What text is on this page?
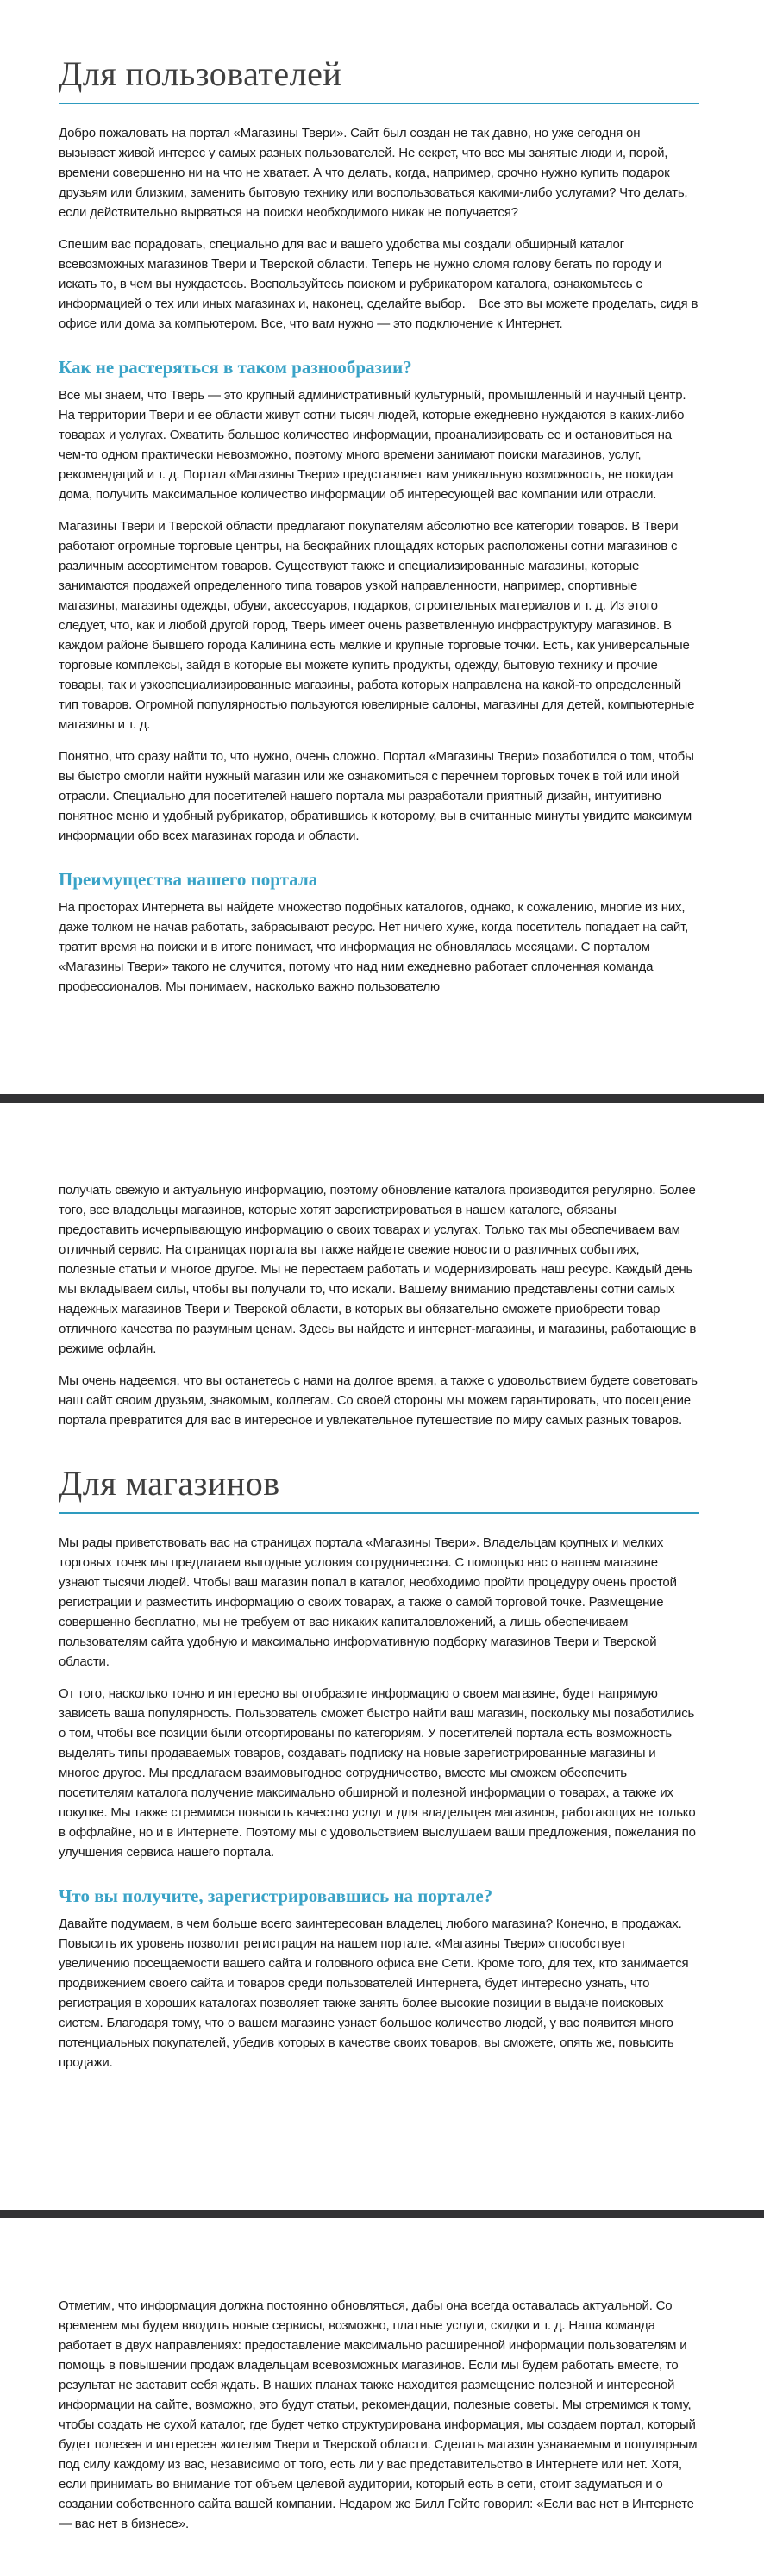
Для пользователей

Добро пожаловать на портал «Магазины Твери». Сайт был создан не так давно, но уже сегодня он вызывает живой интерес у самых разных пользователей. Не секрет, что все мы занятые люди и, порой, времени совершенно ни на что не хватает. А что делать, когда, например, срочно нужно купить подарок друзьям или близким, заменить бытовую технику или воспользоваться какими-либо услугами? Что делать, если действительно вырваться на поиски необходимого никак не получается?

Спешим вас порадовать, специально для вас и вашего удобства мы создали обширный каталог всевозможных магазинов Твери и Тверской области. Теперь не нужно сломя голову бегать по городу и искать то, в чем вы нуждаетесь. Воспользуйтесь поиском и рубрикатором каталога, ознакомьтесь с информацией о тех или иных магазинах и, наконец, сделайте выбор.    Все это вы можете проделать, сидя в офисе или дома за компьютером. Все, что вам нужно — это подключение к Интернет.

Как не растеряться в таком разнообразии?

Все мы знаем, что Тверь — это крупный административный культурный, промышленный и научный центр. На территории Твери и ее области живут сотни тысяч людей, которые ежедневно нуждаются в каких-либо товарах и услугах. Охватить большое количество информации, проанализировать ее и остановиться на чем-то одном практически невозможно, поэтому много времени занимают поиски магазинов, услуг, рекомендаций и т. д. Портал «Магазины Твери» представляет вам уникальную возможность, не покидая дома, получить максимальное количество информации об интересующей вас компании или отрасли.

Магазины Твери и Тверской области предлагают покупателям абсолютно все категории товаров. В Твери работают огромные торговые центры, на бескрайних площадях которых расположены сотни магазинов с различным ассортиментом товаров. Существуют также и специализированные магазины, которые занимаются продажей определенного типа товаров узкой направленности, например, спортивные магазины, магазины одежды, обуви, аксессуаров, подарков, строительных материалов и т. д. Из этого следует, что, как и любой другой город, Тверь имеет очень разветвленную инфраструктуру магазинов. В каждом районе бывшего города Калинина есть мелкие и крупные торговые точки. Есть, как универсальные торговые комплексы, зайдя в которые вы можете купить продукты, одежду, бытовую технику и прочие товары, так и узкоспециализированные магазины, работа которых направлена на какой-то определенный тип товаров. Огромной популярностью пользуются ювелирные салоны, магазины для детей, компьютерные магазины и т. д.

Понятно, что сразу найти то, что нужно, очень сложно. Портал «Магазины Твери» позаботился о том, чтобы вы быстро смогли найти нужный магазин или же ознакомиться с перечнем торговых точек в той или иной отрасли. Специально для посетителей нашего портала мы разработали приятный дизайн, интуитивно понятное меню и удобный рубрикатор, обратившись к которому, вы в считанные минуты увидите максимум информации обо всех магазинах города и области.

Преимущества нашего портала

На просторах Интернета вы найдете множество подобных каталогов, однако, к сожалению, многие из них, даже толком не начав работать, забрасывают ресурс. Нет ничего хуже, когда посетитель попадает на сайт, тратит время на поиски и в итоге понимает, что информация не обновлялась месяцами. С порталом «Магазины Твери» такого не случится, потому что над ним ежедневно работает сплоченная команда профессионалов. Мы понимаем, насколько важно пользователю

получать свежую и актуальную информацию, поэтому обновление каталога производится регулярно. Более того, все владельцы магазинов, которые хотят зарегистрироваться в нашем каталоге, обязаны предоставить исчерпывающую информацию о своих товарах и услугах. Только так мы обеспечиваем вам отличный сервис. На страницах портала вы также найдете свежие новости о различных событиях, полезные статьи и многое другое. Мы не перестаем работать и модернизировать наш ресурс. Каждый день мы вкладываем силы, чтобы вы получали то, что искали. Вашему вниманию представлены сотни самых надежных магазинов Твери и Тверской области, в которых вы обязательно сможете приобрести товар отличного качества по разумным ценам. Здесь вы найдете и интернет-магазины, и магазины, работающие в режиме офлайн.

Мы очень надеемся, что вы останетесь с нами на долгое время, а также с удовольствием будете советовать наш сайт своим друзьям, знакомым, коллегам. Со своей стороны мы можем гарантировать, что посещение портала превратится для вас в интересное и увлекательное путешествие по миру самых разных товаров.

Для магазинов

Мы рады приветствовать вас на страницах портала «Магазины Твери». Владельцам крупных и мелких торговых точек мы предлагаем выгодные условия сотрудничества. С помощью нас о вашем магазине узнают тысячи людей. Чтобы ваш магазин попал в каталог, необходимо пройти процедуру очень простой регистрации и разместить информацию о своих товарах, а также о самой торговой точке. Размещение совершенно бесплатно, мы не требуем от вас никаких капиталовложений, а лишь обеспечиваем пользователям сайта удобную и максимально информативную подборку магазинов Твери и Тверской области.

От того, насколько точно и интересно вы отобразите информацию о своем магазине, будет напрямую зависеть ваша популярность. Пользователь сможет быстро найти ваш магазин, поскольку мы позаботились о том, чтобы все позиции были отсортированы по категориям. У посетителей портала есть возможность выделять типы продаваемых товаров, создавать подписку на новые зарегистрированные магазины и многое другое. Мы предлагаем взаимовыгодное сотрудничество, вместе мы сможем обеспечить посетителям каталога получение максимально обширной и полезной информации о товарах, а также их покупке. Мы также стремимся повысить качество услуг и для владельцев магазинов, работающих не только в оффлайне, но и в Интернете. Поэтому мы с удовольствием выслушаем ваши предложения, пожелания по улучшения сервиса нашего портала.

Что вы получите, зарегистрировавшись на портале?

Давайте подумаем, в чем больше всего заинтересован владелец любого магазина? Конечно, в продажах. Повысить их уровень позволит регистрация на нашем портале. «Магазины Твери» способствует увеличению посещаемости вашего сайта и головного офиса вне Сети. Кроме того, для тех, кто занимается продвижением своего сайта и товаров среди пользователей Интернета, будет интересно узнать, что регистрация в хороших каталогах позволяет также занять более высокие позиции в выдаче поисковых систем. Благодаря тому, что о вашем магазине узнает большое количество людей, у вас появится много потенциальных покупателей, убедив которых в качестве своих товаров, вы сможете, опять же, повысить продажи.

Отметим, что информация должна постоянно обновляться, дабы она всегда оставалась актуальной. Со временем мы будем вводить новые сервисы, возможно, платные услуги, скидки и т. д. Наша команда работает в двух направлениях: предоставление максимально расширенной информации пользователям и помощь в повышении продаж владельцам всевозможных магазинов. Если мы будем работать вместе, то результат не заставит себя ждать. В наших планах также находится размещение полезной и интересной информации на сайте, возможно, это будут статьи, рекомендации, полезные советы. Мы стремимся к тому, чтобы создать не сухой каталог, где будет четко структурирована информация, мы создаем портал, который будет полезен и интересен жителям Твери и Тверской области. Сделать магазин узнаваемым и популярным под силу каждому из вас, независимо от того, есть ли у вас представительство в Интернете или нет. Хотя, если принимать во внимание тот объем целевой аудитории, который есть в сети, стоит задуматься и о создании собственного сайта вашей компании. Недаром же Билл Гейтс говорил: «Если вас нет в Интернете — вас нет в бизнесе».
